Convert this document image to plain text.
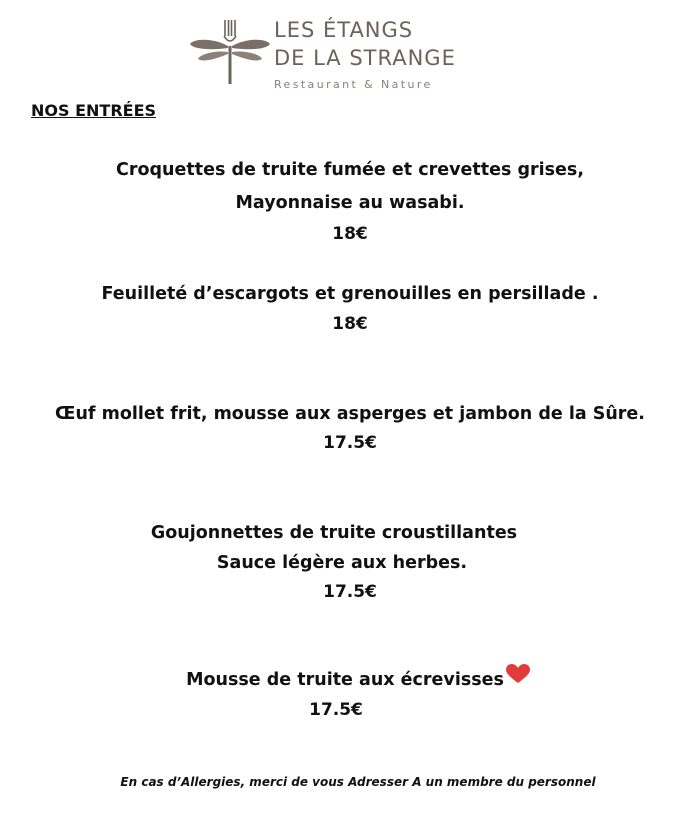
LES ÉTANGS
DE LA STRANGE
Restaurant & Nature
NOS ENTRÉES
Croquettes de truite fumée et crevettes grises,
Mayonnaise au wasabi.
18€
Feuilleté d’escargots et grenouilles en persillade .
18€
Œuf mollet frit, mousse aux asperges et jambon de la Sûre.
17.5€
Goujonnettes de truite croustillantes
Sauce légère aux herbes.
17.5€
Mousse de truite aux écrevisses
17.5€
En cas d’Allergies, merci de vous Adresser A un membre du personnel
